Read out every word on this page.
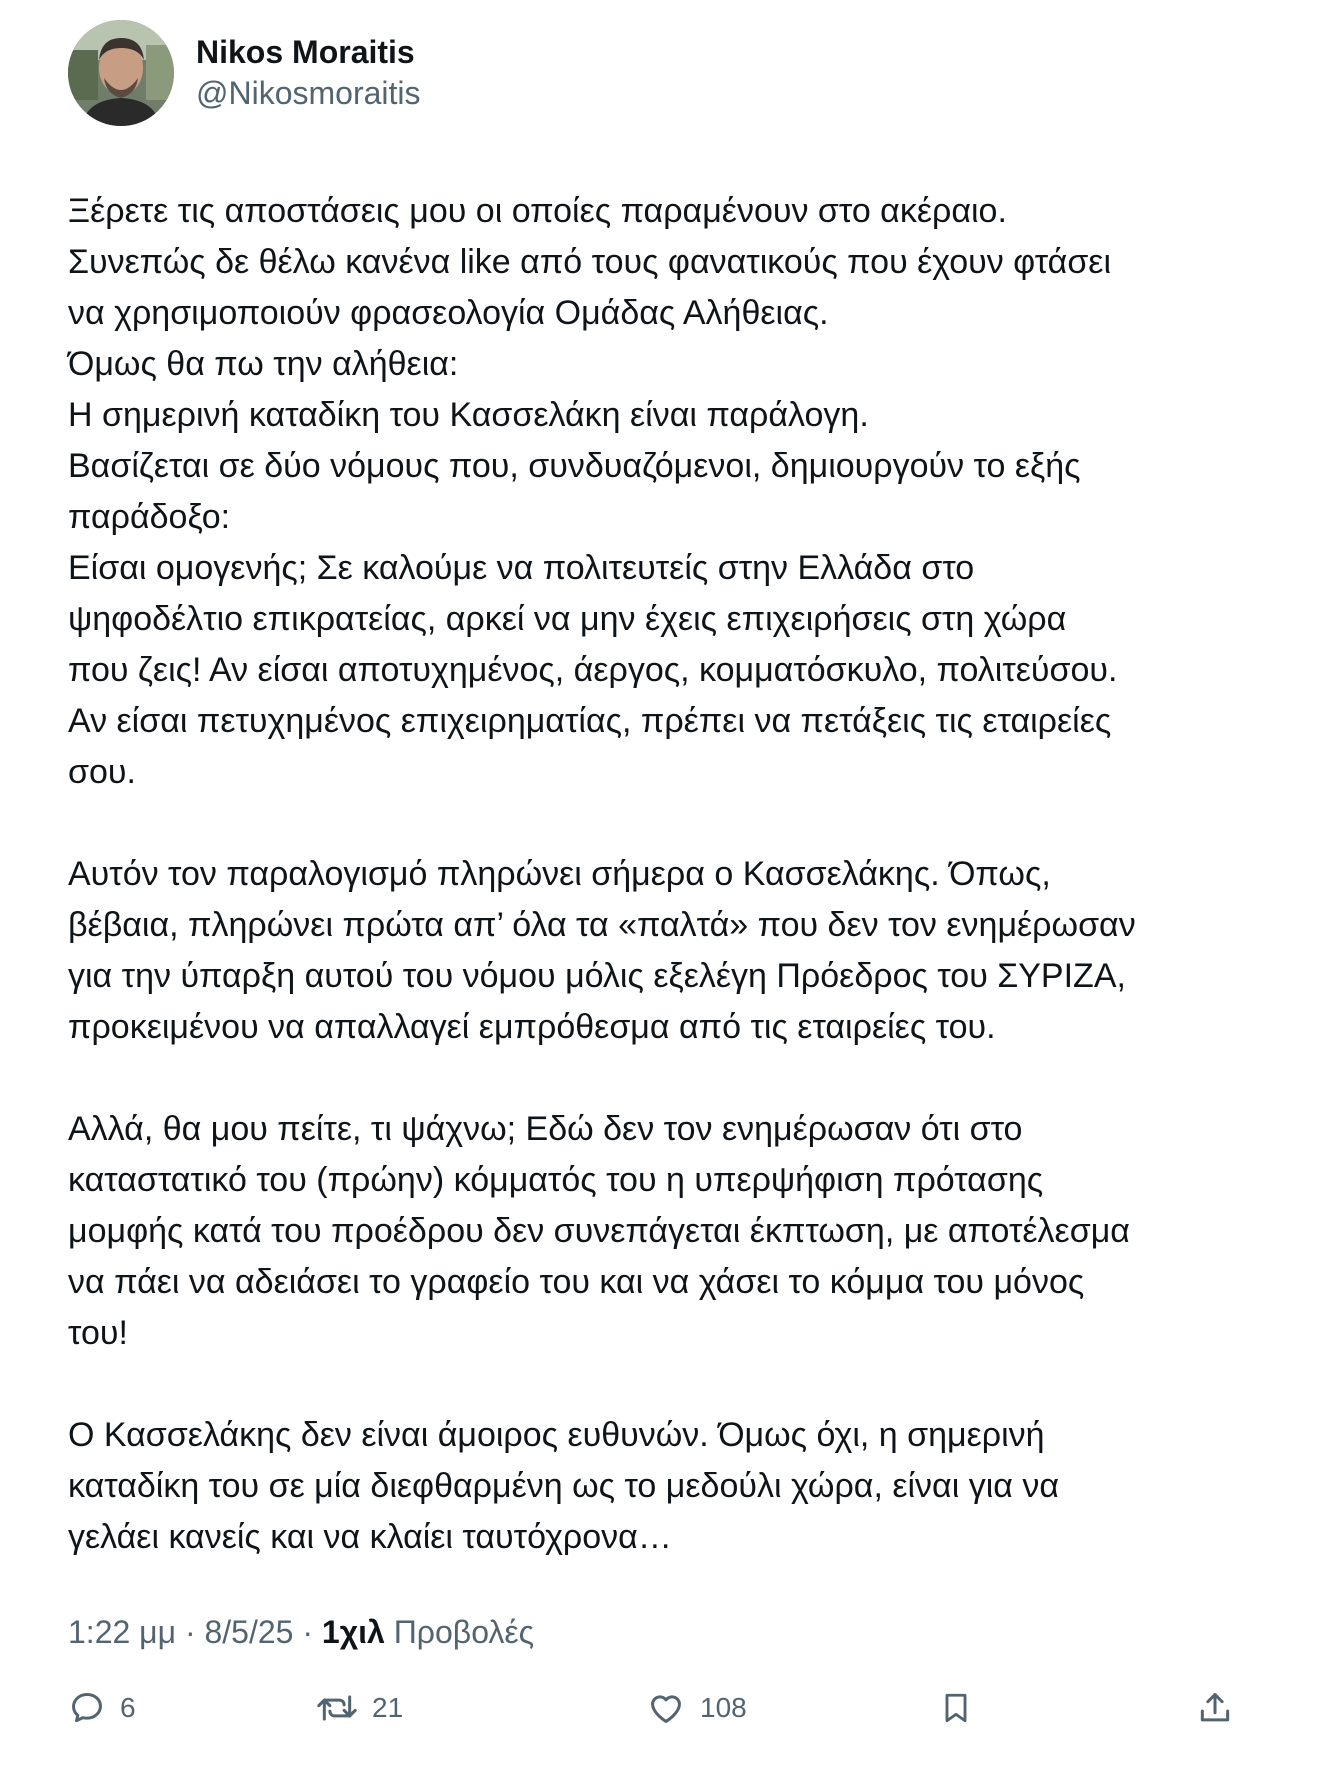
Nikos Moraitis
@Nikosmoraitis

Ξέρετε τις αποστάσεις μου οι οποίες παραμένουν στο ακέραιο.

Συνεπώς δε θέλω κανένα like από τους φανατικούς που έχουν φτάσει

να χρησιμοποιούν φρασεολογία Ομάδας Αλήθειας.

Όμως θα πω την αλήθεια:

Η σημερινή καταδίκη του Κασσελάκη είναι παράλογη.

Βασίζεται σε δύο νόμους που, συνδυαζόμενοι, δημιουργούν το εξής

παράδοξο:

Είσαι ομογενής; Σε καλούμε να πολιτευτείς στην Ελλάδα στο

ψηφοδέλτιο επικρατείας, αρκεί να μην έχεις επιχειρήσεις στη χώρα

που ζεις! Αν είσαι αποτυχημένος, άεργος, κομματόσκυλο, πολιτεύσου.

Αν είσαι πετυχημένος επιχειρηματίας, πρέπει να πετάξεις τις εταιρείες

σου.

Αυτόν τον παραλογισμό πληρώνει σήμερα ο Κασσελάκης. Όπως,

βέβαια, πληρώνει πρώτα απ’ όλα τα «παλτά» που δεν τον ενημέρωσαν

για την ύπαρξη αυτού του νόμου μόλις εξελέγη Πρόεδρος του ΣΥΡΙΖΑ,

προκειμένου να απαλλαγεί εμπρόθεσμα από τις εταιρείες του.

Αλλά, θα μου πείτε, τι ψάχνω; Εδώ δεν τον ενημέρωσαν ότι στο

καταστατικό του (πρώην) κόμματός του η υπερψήφιση πρότασης

μομφής κατά του προέδρου δεν συνεπάγεται έκπτωση, με αποτέλεσμα

να πάει να αδειάσει το γραφείο του και να χάσει το κόμμα του μόνος

του!

Ο Κασσελάκης δεν είναι άμοιρος ευθυνών. Όμως όχι, η σημερινή

καταδίκη του σε μία διεφθαρμένη ως το μεδούλι χώρα, είναι για να

γελάει κανείς και να κλαίει ταυτόχρονα…

1:22 μμ · 8/5/25 · 1χιλ Προβολές
6	21	108
